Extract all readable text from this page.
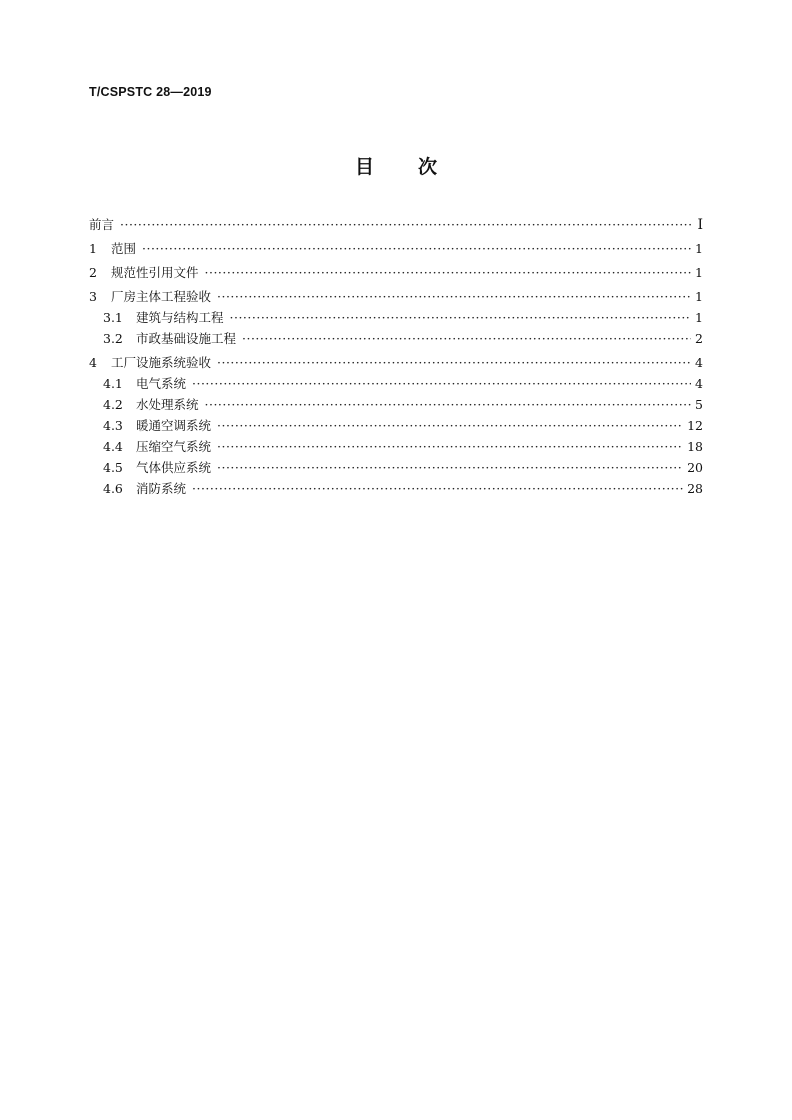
T/CSPSTC 28—2019
目 次
前言 ·····	I
1	范围 ·····	1
2	规范性引用文件 ·····	1
3	厂房主体工程验收 ·····	1
3.1	建筑与结构工程 ·····	1
3.2	市政基础设施工程 ·····	2
4	工厂设施系统验收 ·····	4
4.1	电气系统 ·····	4
4.2	水处理系统 ·····	5
4.3	暖通空调系统 ·····	12
4.4	压缩空气系统 ·····	18
4.5	气体供应系统 ·····	20
4.6	消防系统 ·····	28
